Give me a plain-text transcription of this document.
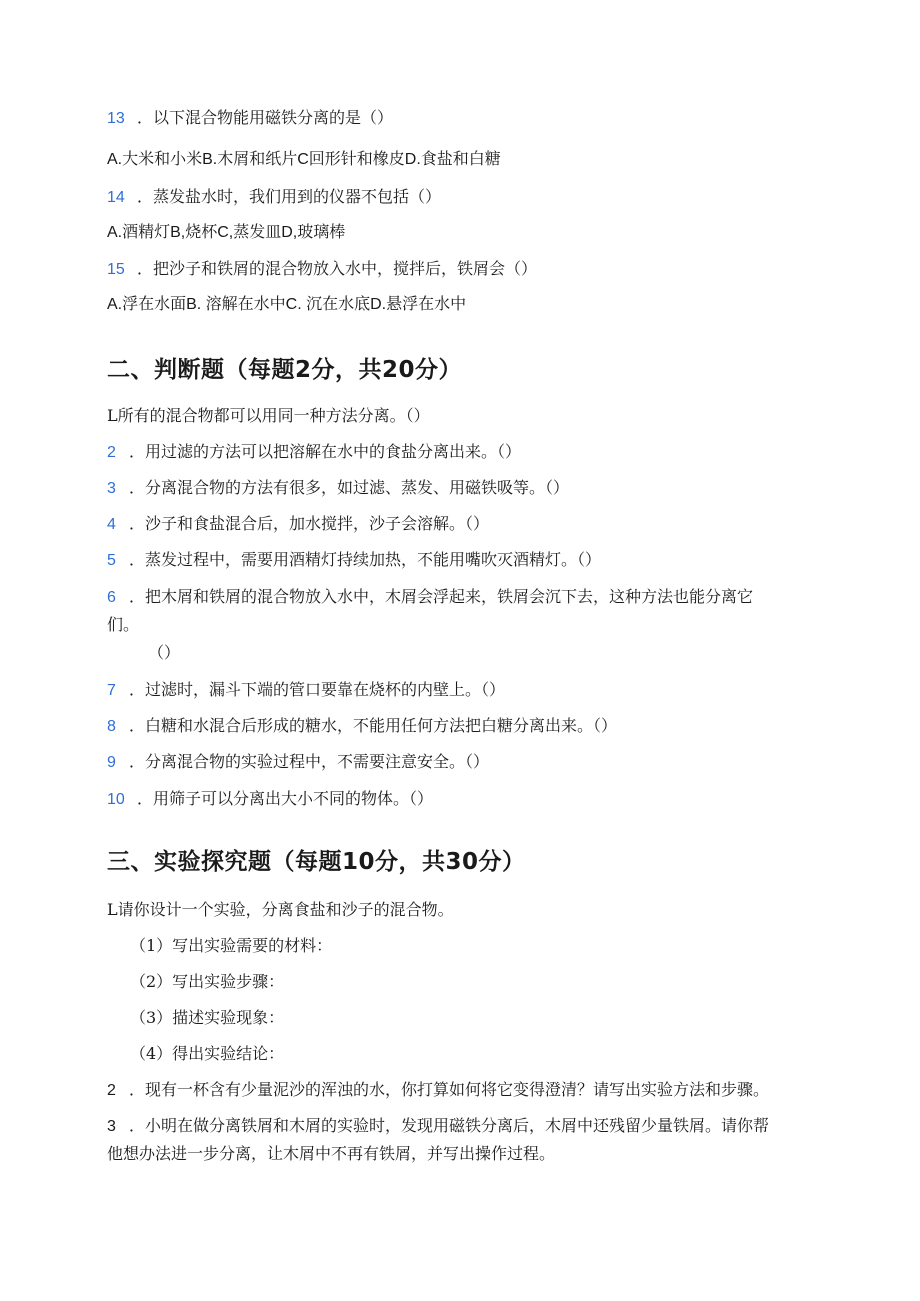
13 ．以下混合物能用磁铁分离的是（）
A.大米和小米B.木屑和纸片C回形针和橡皮D.食盐和白糖
14 ．蒸发盐水时，我们用到的仪器不包括（）
A.酒精灯B,烧杯C,蒸发皿D,玻璃棒
15 ．把沙子和铁屑的混合物放入水中，搅拌后，铁屑会（）
A.浮在水面B. 溶解在水中C. 沉在水底D.悬浮在水中
二、判断题（每题2分，共20分）
L所有的混合物都可以用同一种方法分离。（）
2 ．用过滤的方法可以把溶解在水中的食盐分离出来。（）
3 ．分离混合物的方法有很多，如过滤、蒸发、用磁铁吸等。（）
4 ．沙子和食盐混合后，加水搅拌，沙子会溶解。（）
5 ．蒸发过程中，需要用酒精灯持续加热，不能用嘴吹灭酒精灯。（）
6 ．把木屑和铁屑的混合物放入水中，木屑会浮起来，铁屑会沉下去，这种方法也能分离它
们。
（）
7 ．过滤时，漏斗下端的管口要靠在烧杯的内壁上。（）
8 ．白糖和水混合后形成的糖水，不能用任何方法把白糖分离出来。（）
9 ．分离混合物的实验过程中，不需要注意安全。（）
10 ．用筛子可以分离出大小不同的物体。（）
三、实验探究题（每题10分，共30分）
L请你设计一个实验，分离食盐和沙子的混合物。
（1）写出实验需要的材料：
（2）写出实验步骤：
（3）描述实验现象：
（4）得出实验结论：
2 ．现有一杯含有少量泥沙的浑浊的水，你打算如何将它变得澄清？请写出实验方法和步骤。
3 ．小明在做分离铁屑和木屑的实验时，发现用磁铁分离后，木屑中还残留少量铁屑。请你帮
他想办法进一步分离，让木屑中不再有铁屑，并写出操作过程。
